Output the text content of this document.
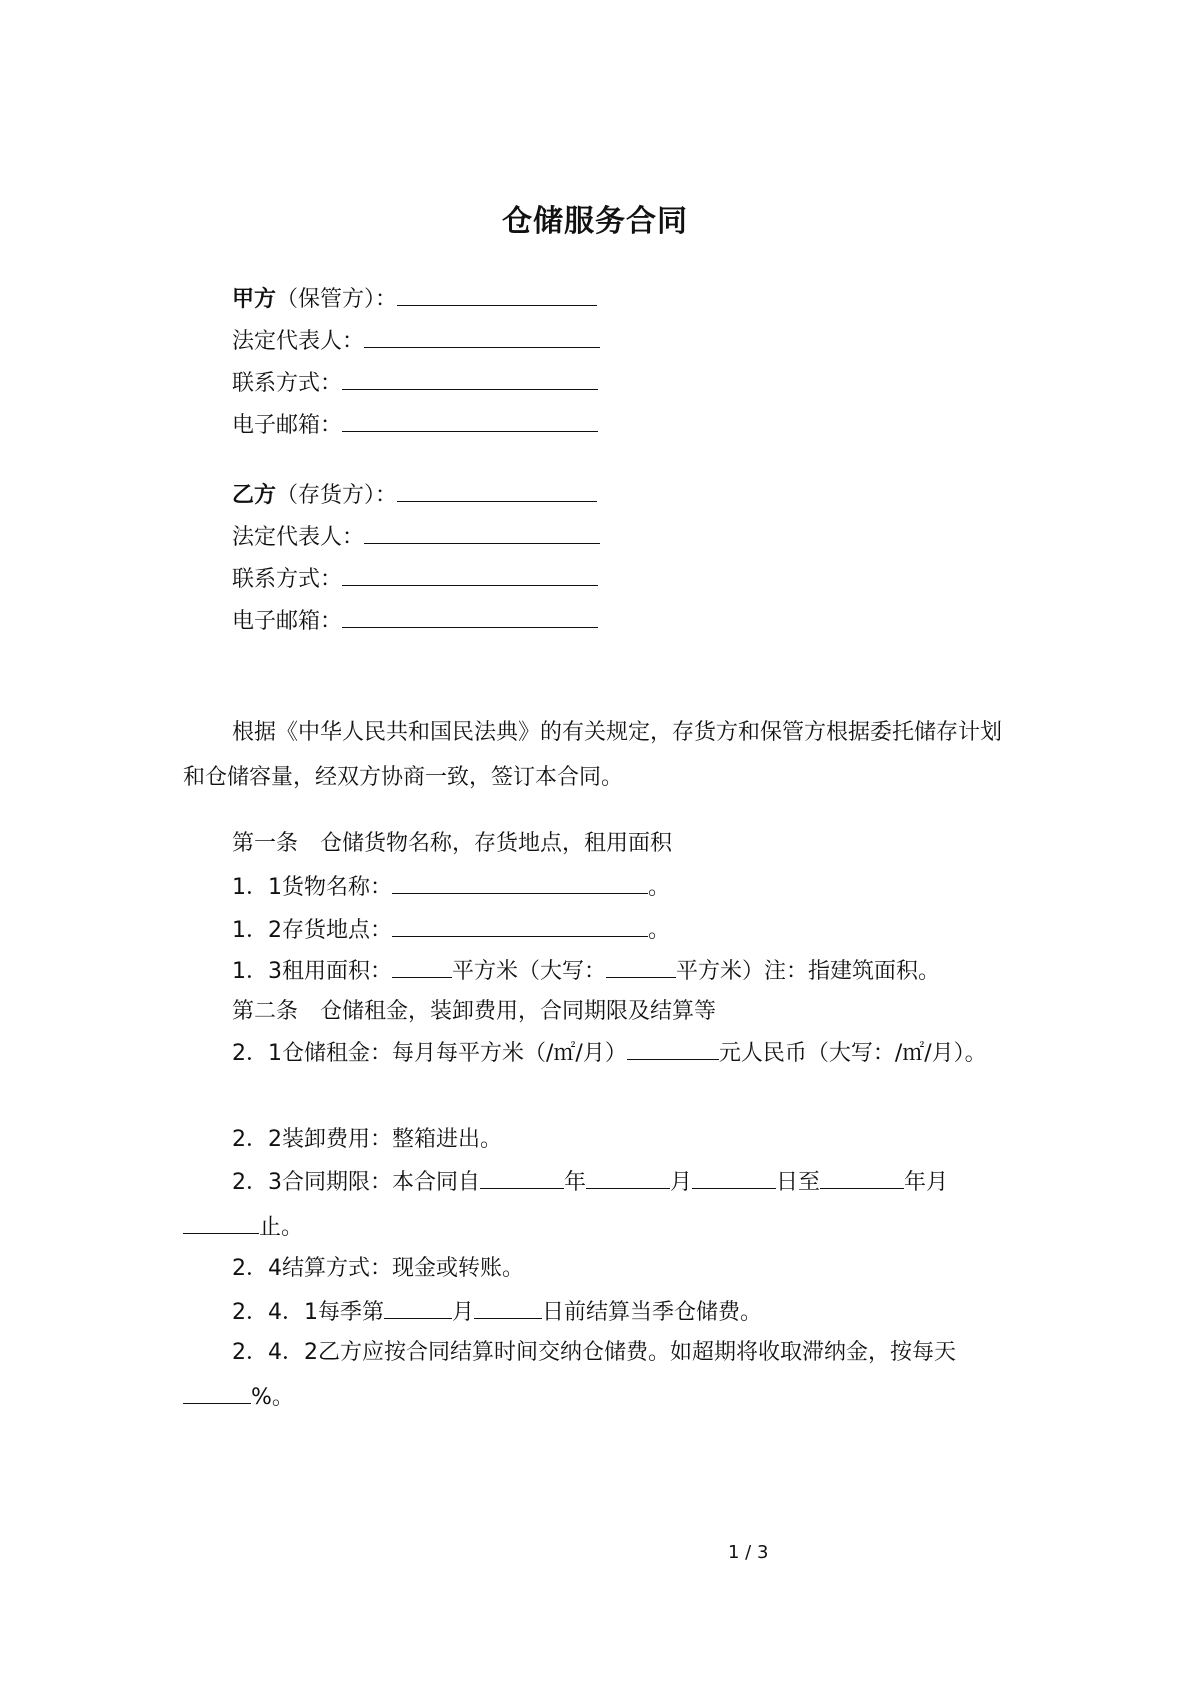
仓储服务合同
甲方（保管方）：
法定代表人：
联系方式：
电子邮箱：
乙方（存货方）：
法定代表人：
联系方式：
电子邮箱：
根据《中华人民共和国民法典》的有关规定，存货方和保管方根据委托储存计划和仓储容量，经双方协商一致，签订本合同。
第一条　仓储货物名称，存货地点，租用面积
1．1货物名称：	。
1．2存货地点：	。
1．3租用面积：	平方米（大写：	平方米）注：指建筑面积。
第二条　仓储租金，装卸费用，合同期限及结算等
2．1仓储租金：每月每平方米（/㎡/月）	元人民币（大写：/㎡/月）。
2．2装卸费用：整箱进出。
2．3合同期限：本合同自	年	月	日至	年月止。
2．4结算方式：现金或转账。
2．4．1每季第	月	日前结算当季仓储费。
2．4．2乙方应按合同结算时间交纳仓储费。如超期将收取滞纳金，按每天%。
1 / 3
